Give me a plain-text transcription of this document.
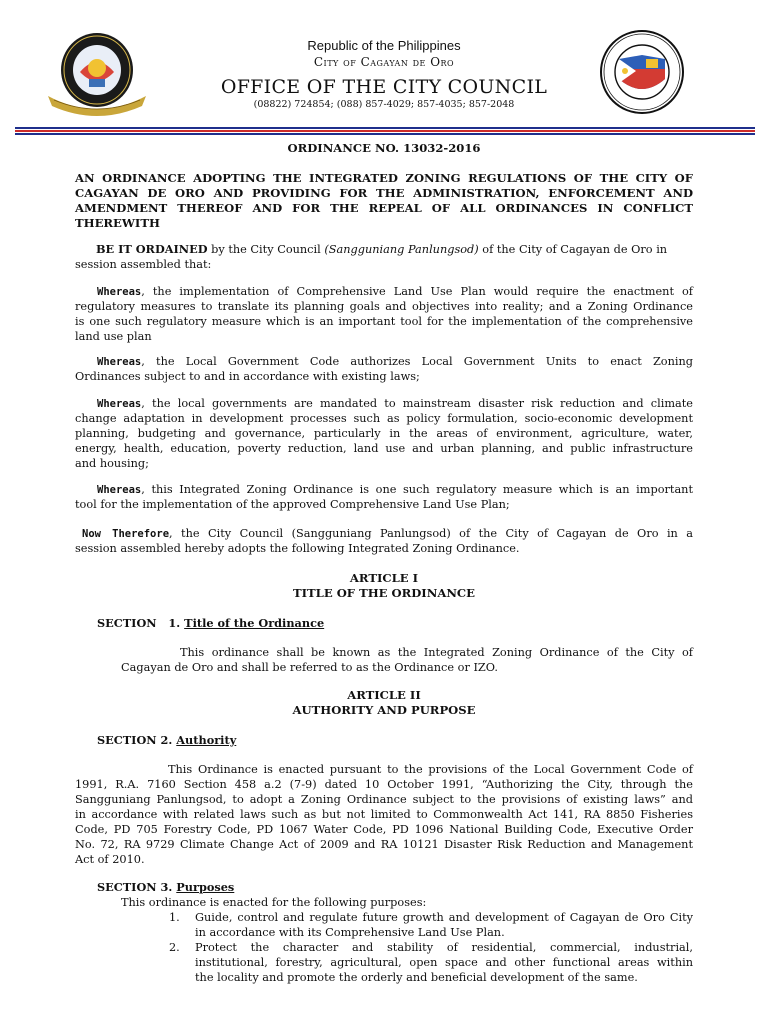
Republic of the Philippines
City of Cagayan de Oro
OFFICE OF THE CITY COUNCIL
(08822) 724854; (088) 857-4029; 857-4035; 857-2048
ORDINANCE NO. 13032-2016
AN ORDINANCE ADOPTING THE INTEGRATED ZONING REGULATIONS OF THE CITY OF
CAGAYAN DE ORO AND PROVIDING FOR THE ADMINISTRATION, ENFORCEMENT AND
AMENDMENT THEREOF AND FOR THE REPEAL OF ALL ORDINANCES IN CONFLICT
THEREWITH
BE IT ORDAINED by the City Council (Sangguniang Panlungsod) of the City of Cagayan de Oro in
session assembled that:
Whereas, the implementation of Comprehensive Land Use Plan would require the enactment of
regulatory measures to translate its planning goals and objectives into reality; and a Zoning Ordinance
is one such regulatory measure which is an important tool for the implementation of the comprehensive
land use plan
Whereas, the Local Government Code authorizes Local Government Units to enact Zoning
Ordinances subject to and in accordance with existing laws;
Whereas, the local governments are mandated to mainstream disaster risk reduction and climate
change adaptation in development processes such as policy formulation, socio-economic development
planning, budgeting and governance, particularly in the areas of environment, agriculture, water,
energy, health, education, poverty reduction, land use and urban planning, and public infrastructure
and housing;
Whereas, this Integrated Zoning Ordinance is one such regulatory measure which is an important
tool for the implementation of the approved Comprehensive Land Use Plan;
Now Therefore, the City Council (Sangguniang Panlungsod) of the City of Cagayan de Oro in a
session assembled hereby adopts the following Integrated Zoning Ordinance.
ARTICLE I
TITLE OF THE ORDINANCE
SECTION   1. Title of the Ordinance
This ordinance shall be known as the Integrated Zoning Ordinance of the City of
Cagayan de Oro and shall be referred to as the Ordinance or IZO.
ARTICLE II
AUTHORITY AND PURPOSE
SECTION 2. Authority
This Ordinance is enacted pursuant to the provisions of the Local Government Code of
1991, R.A. 7160 Section 458 a.2 (7-9) dated 10 October 1991, “Authorizing the City, through the
Sangguniang Panlungsod, to adopt a Zoning Ordinance subject to the provisions of existing laws” and
in accordance with related laws such as but not limited to Commonwealth Act 141, RA 8850 Fisheries
Code, PD 705 Forestry Code, PD 1067 Water Code, PD 1096 National Building Code, Executive Order
No. 72, RA 9729 Climate Change Act of 2009 and RA 10121 Disaster Risk Reduction and Management
Act of 2010.
SECTION 3. Purposes
This ordinance is enacted for the following purposes:
1. Guide, control and regulate future growth and development of Cagayan de Oro City
in accordance with its Comprehensive Land Use Plan.
2. Protect the character and stability of residential, commercial, industrial,
institutional, forestry, agricultural, open space and other functional areas within
the locality and promote the orderly and beneficial development of the same.
